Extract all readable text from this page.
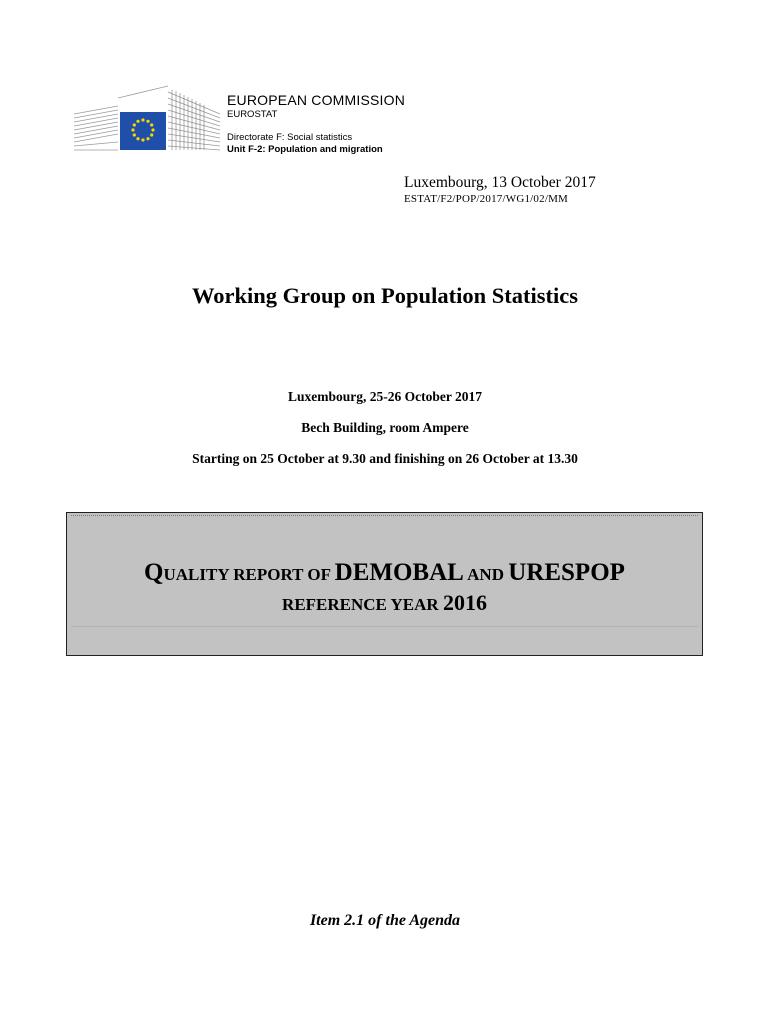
EUROPEAN COMMISSION
EUROSTAT
Directorate F: Social statistics
Unit F-2: Population and migration
Luxembourg, 13 October 2017
ESTAT/F2/POP/2017/WG1/02/MM
Working Group on Population Statistics
Luxembourg, 25-26 October 2017
Bech Building, room Ampere
Starting on 25 October at 9.30 and finishing on 26 October at 13.30
QUALITY REPORT OF DEMOBAL AND URESPOP
REFERENCE YEAR 2016
Item 2.1 of the Agenda
